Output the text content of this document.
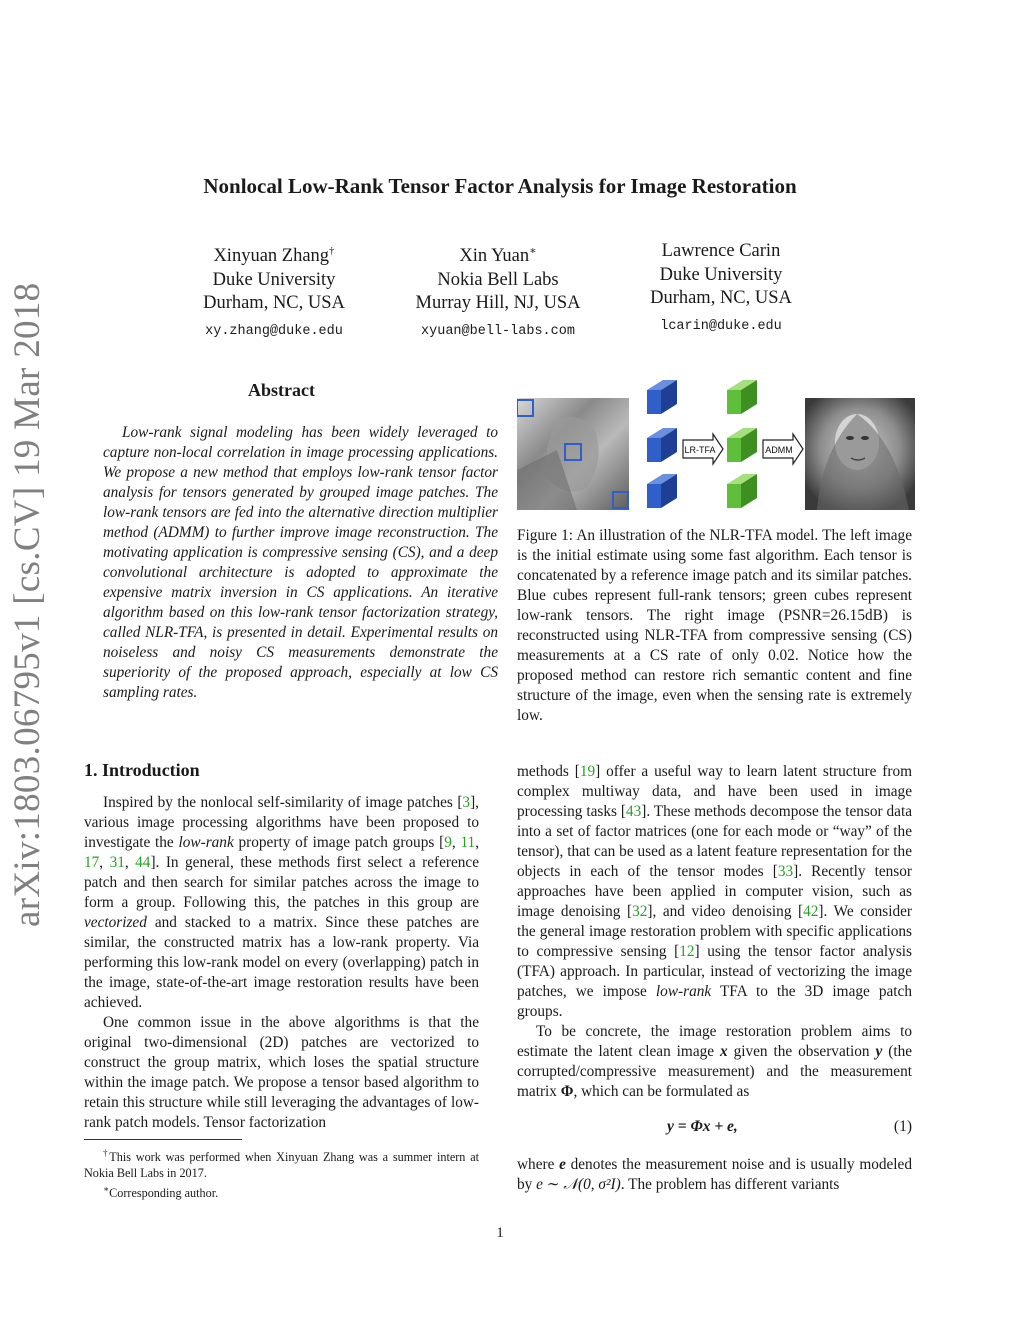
Nonlocal Low-Rank Tensor Factor Analysis for Image Restoration
Xinyuan Zhang†
Duke University
Durham, NC, USA
xy.zhang@duke.edu
Xin Yuan∗
Nokia Bell Labs
Murray Hill, NJ, USA
xyuan@bell-labs.com
Lawrence Carin
Duke University
Durham, NC, USA
lcarin@duke.edu
arXiv:1803.06795v1 [cs.CV] 19 Mar 2018	Abstract

Low-rank signal modeling has been widely leveraged to capture non-local correlation in image processing applications. We propose a new method that employs low-rank tensor factor analysis for tensors generated by grouped image patches. The low-rank tensors are fed into the alternative direction multiplier method (ADMM) to further improve image reconstruction. The motivating application is compressive sensing (CS), and a deep convolutional architecture is adopted to approximate the expensive matrix inversion in CS applications. An iterative algorithm based on this low-rank tensor factorization strategy, called NLR-TFA, is presented in detail. Experimental results on noiseless and noisy CS measurements demonstrate the superiority of the proposed approach, especially at low CS sampling rates.

LR-TFA	ADMM
Figure 1: An illustration of the NLR-TFA model. The left image is the initial estimate using some fast algorithm. Each tensor is concatenated by a reference image patch and its similar patches. Blue cubes represent full-rank tensors; green cubes represent low-rank tensors. The right image (PSNR=26.15dB) is reconstructed using NLR-TFA from compressive sensing (CS) measurements at a CS rate of only 0.02. Notice how the proposed method can restore rich semantic content and fine structure of the image, even when the sensing rate is extremely low.
1. Introduction

Inspired by the nonlocal self-similarity of image patches [3], various image processing algorithms have been proposed to investigate the low-rank property of image patch groups [9, 11, 17, 31, 44]. In general, these methods first select a reference patch and then search for similar patches across the image to form a group. Following this, the patches in this group are vectorized and stacked to a matrix. Since these patches are similar, the constructed matrix has a low-rank property. Via performing this low-rank model on every (overlapping) patch in the image, state-of-the-art image restoration results have been achieved.

One common issue in the above algorithms is that the original two-dimensional (2D) patches are vectorized to construct the group matrix, which loses the spatial structure within the image patch. We propose a tensor based algorithm to retain this structure while still leveraging the advantages of low-rank patch models. Tensor factorization

†This work was performed when Xinyuan Zhang was a summer intern at Nokia Bell Labs in 2017.

∗Corresponding author.

methods [19] offer a useful way to learn latent structure from complex multiway data, and have been used in image processing tasks [43]. These methods decompose the tensor data into a set of factor matrices (one for each mode or “way” of the tensor), that can be used as a latent feature representation for the objects in each of the tensor modes [33]. Recently tensor approaches have been applied in computer vision, such as image denoising [32], and video denoising [42]. We consider the general image restoration problem with specific applications to compressive sensing [12] using the tensor factor analysis (TFA) approach. In particular, instead of vectorizing the image patches, we impose low-rank TFA to the 3D image patch groups.

To be concrete, the image restoration problem aims to estimate the latent clean image x given the observation y (the corrupted/compressive measurement) and the measurement matrix Φ, which can be formulated as

y = Φx + e,	(1)

where e denotes the measurement noise and is usually modeled by e ∼ 𝒩(0, σ²I). The problem has different variants

1
